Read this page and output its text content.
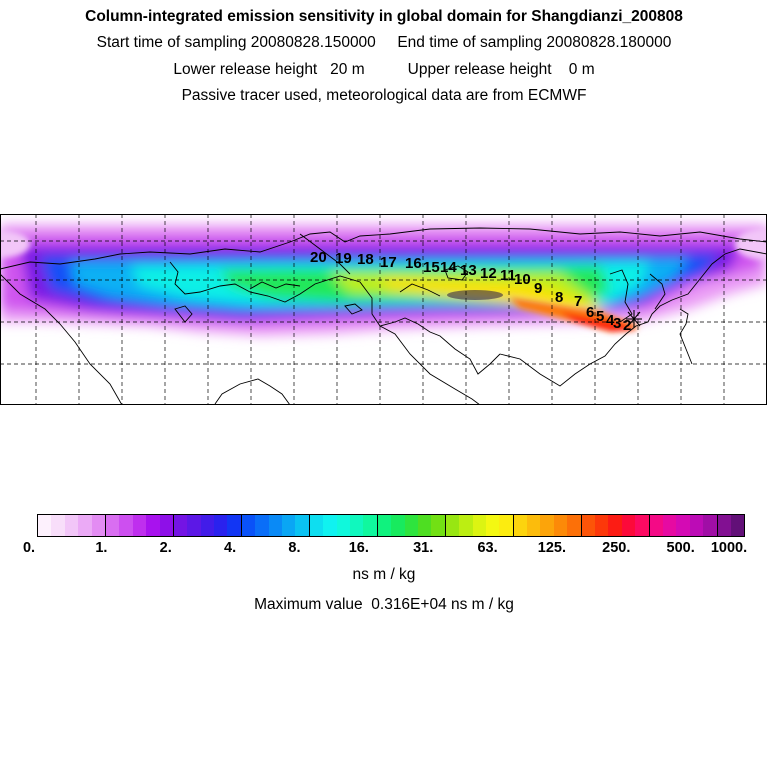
Column-integrated emission sensitivity in global domain for Shangdianzi_200808
Start time of sampling 20080828.150000     End time of sampling 20080828.180000
Lower release height   20 m          Upper release height    0 m
Passive tracer used, meteorological data are from ECMWF
2
3
4
5
6
7
8
9
10
11
12
13
14
15
16
17
18
19
20
0.	1.	2.	4.	8.	16.	31.	63.	125. 250. 500. 1000.
ns m / kg
Maximum value  0.316E+04 ns m / kg
